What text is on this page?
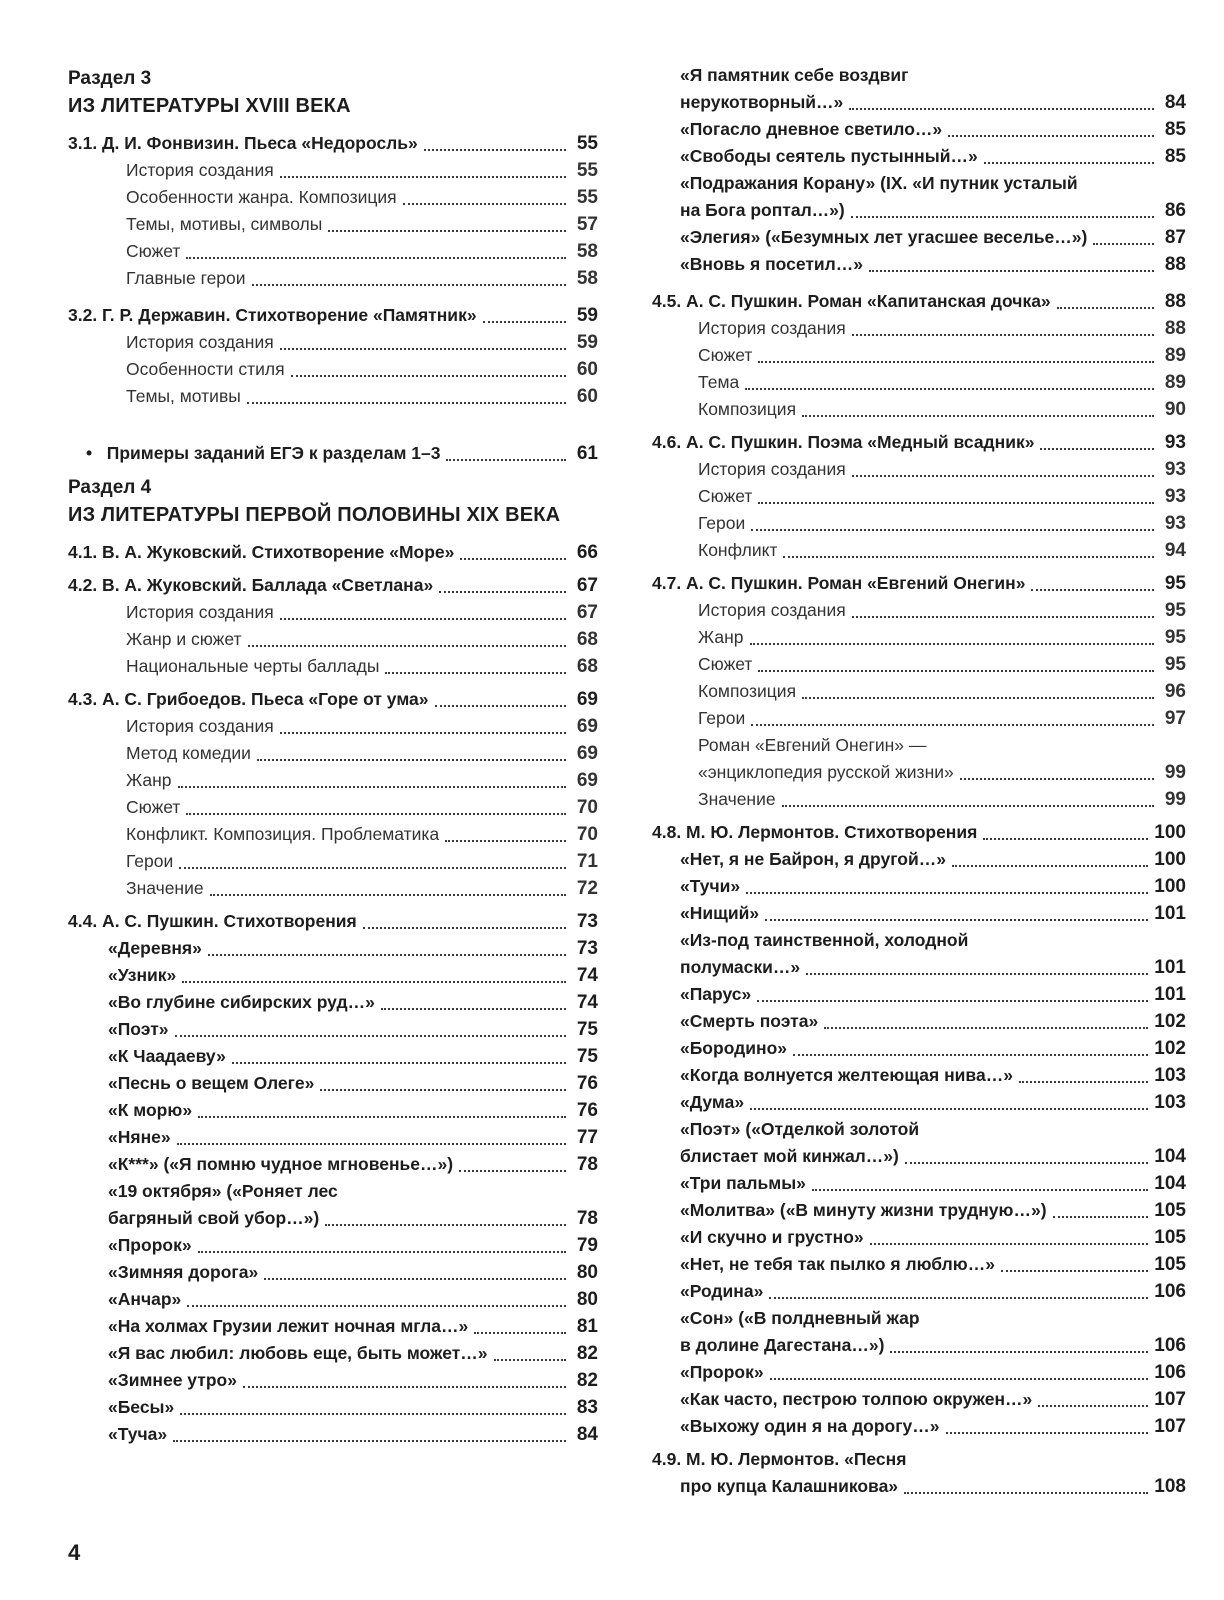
Раздел 3
ИЗ ЛИТЕРАТУРЫ XVIII ВЕКА
3.1. Д. И. Фонвизин. Пьеса «Недоросль»	55
История создания	55
Особенности жанра. Композиция	55
Темы, мотивы, символы	57
Сюжет	58
Главные герои	58
3.2. Г. Р. Державин. Стихотворение «Памятник»	59
История создания	59
Особенности стиля	60
Темы, мотивы	60
• Примеры заданий ЕГЭ к разделам 1–3	61
Раздел 4
ИЗ ЛИТЕРАТУРЫ ПЕРВОЙ ПОЛОВИНЫ XIX ВЕКА
4.1. В. А. Жуковский. Стихотворение «Море»	66
4.2. В. А. Жуковский. Баллада «Светлана»	67
История создания	67
Жанр и сюжет	68
Национальные черты баллады	68
4.3. А. С. Грибоедов. Пьеса «Горе от ума»	69
История создания	69
Метод комедии	69
Жанр	69
Сюжет	70
Конфликт. Композиция. Проблематика	70
Герои	71
Значение	72
4.4. А. С. Пушкин. Стихотворения	73
«Деревня»	73
«Узник»	74
«Во глубине сибирских руд…»	74
«Поэт»	75
«К Чаадаеву»	75
«Песнь о вещем Олеге»	76
«К морю»	76
«Няне»	77
«К***» («Я помню чудное мгновенье…»)	78
«19 октября» («Роняет лес
багряный свой убор…»)	78
«Пророк»	79
«Зимняя дорога»	80
«Анчар»	80
«На холмах Грузии лежит ночная мгла…»	81
«Я вас любил: любовь еще, быть может…»	82
«Зимнее утро»	82
«Бесы»	83
«Туча»	84
«Я памятник себе воздвиг
нерукотворный…»	84
«Погасло дневное светило…»	85
«Свободы сеятель пустынный…»	85
«Подражания Корану» (IX. «И путник усталый
на Бога роптал…»)	86
«Элегия» («Безумных лет угасшее веселье…»)	87
«Вновь я посетил…»	88
4.5. А. С. Пушкин. Роман «Капитанская дочка»	88
История создания	88
Сюжет	89
Тема	89
Композиция	90
4.6. А. С. Пушкин. Поэма «Медный всадник»	93
История создания	93
Сюжет	93
Герои	93
Конфликт	94
4.7. А. С. Пушкин. Роман «Евгений Онегин»	95
История создания	95
Жанр	95
Сюжет	95
Композиция	96
Герои	97
Роман «Евгений Онегин» —
«энциклопедия русской жизни»	99
Значение	99
4.8. М. Ю. Лермонтов. Стихотворения	100
«Нет, я не Байрон, я другой…»	100
«Тучи»	100
«Нищий»	101
«Из-под таинственной, холодной
полумаски…»	101
«Парус»	101
«Смерть поэта»	102
«Бородино»	102
«Когда волнуется желтеющая нива…»	103
«Дума»	103
«Поэт» («Отделкой золотой
блистает мой кинжал…»)	104
«Три пальмы»	104
«Молитва» («В минуту жизни трудную…»)	105
«И скучно и грустно»	105
«Нет, не тебя так пылко я люблю…»	105
«Родина»	106
«Сон» («В полдневный жар
в долине Дагестана…»)	106
«Пророк»	106
«Как часто, пестрою толпою окружен…»	107
«Выхожу один я на дорогу…»	107
4.9. М. Ю. Лермонтов. «Песня
про купца Калашникова»	108
4
